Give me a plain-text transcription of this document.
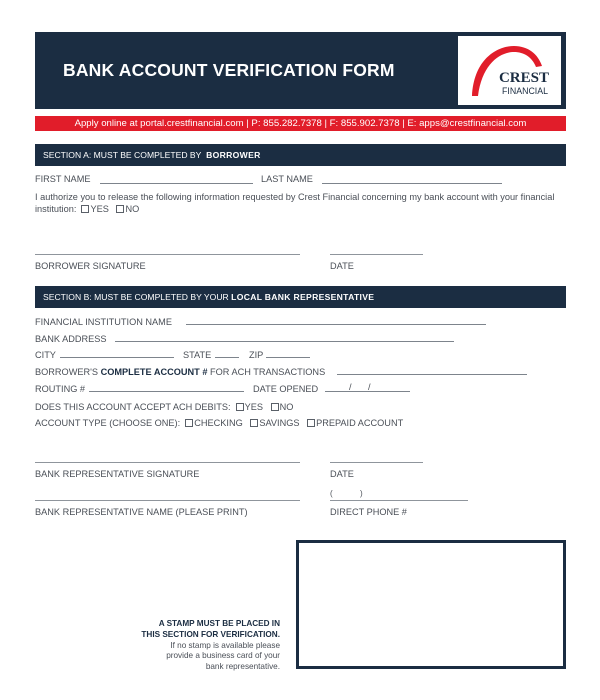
BANK ACCOUNT VERIFICATION FORM	CREST
FINANCIAL
Apply online at portal.crestfinancial.com | P: 855.282.7378 | F: 855.902.7378 | E: apps@crestfinancial.com
SECTION A: MUST BE COMPLETED BY BORROWER
FIRST NAME	LAST NAME
I authorize you to release the following information requested by Crest Financial concerning my bank account with your financial institution: YES NO
BORROWER SIGNATURE	DATE
SECTION B: MUST BE COMPLETED BY YOUR LOCAL BANK REPRESENTATIVE
FINANCIAL INSTITUTION NAME
BANK ADDRESS
CITY	STATE	ZIP
BORROWER'S COMPLETE ACCOUNT # FOR ACH TRANSACTIONS
ROUTING #	DATE OPENED	/ /
DOES THIS ACCOUNT ACCEPT ACH DEBITS: YES NO
ACCOUNT TYPE (CHOOSE ONE): CHECKING SAVINGS PREPAID ACCOUNT
BANK REPRESENTATIVE SIGNATURE	DATE
(	)
BANK REPRESENTATIVE NAME (PLEASE PRINT)	DIRECT PHONE #
A STAMP MUST BE PLACED IN
THIS SECTION FOR VERIFICATION.
If no stamp is available please
provide a business card of your
bank representative.
